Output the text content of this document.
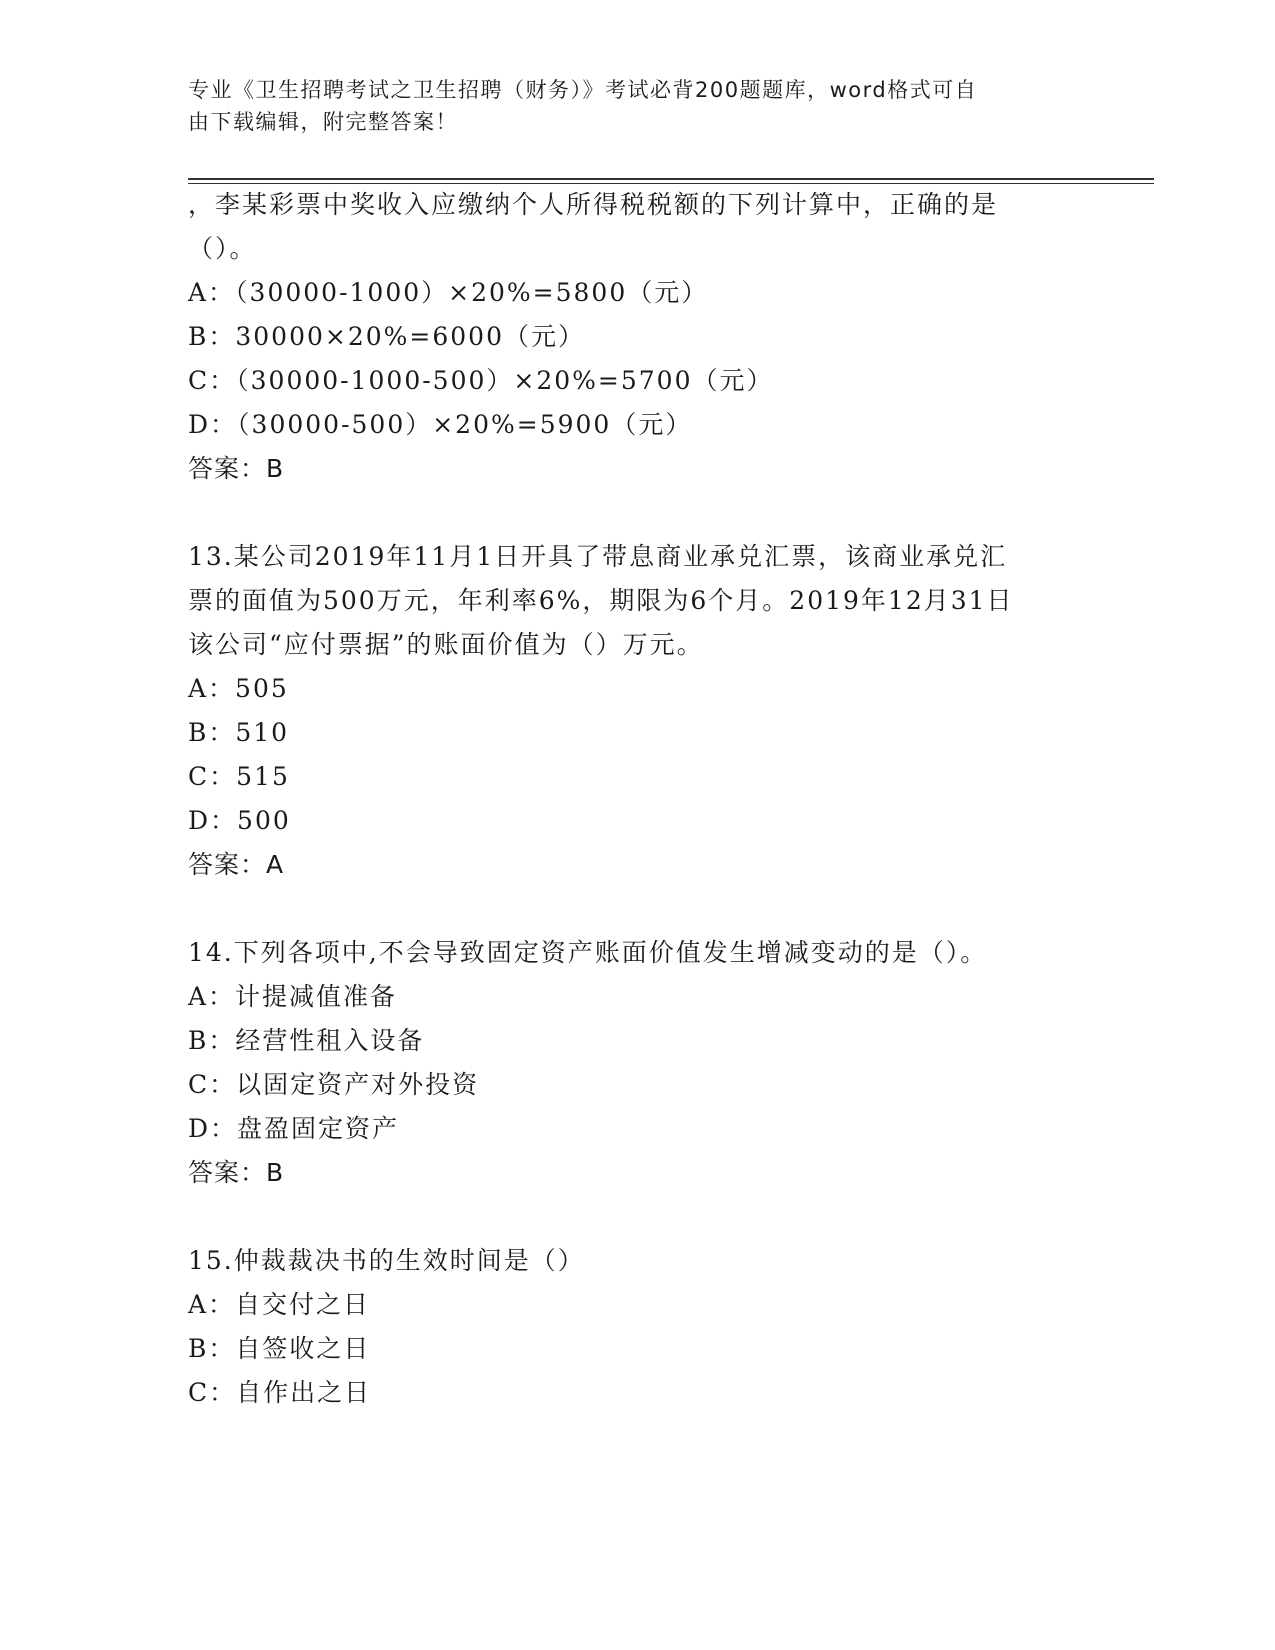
专业《卫生招聘考试之卫生招聘（财务）》考试必背200题题库，word格式可自
由下载编辑，附完整答案！
，李某彩票中奖收入应缴纳个人所得税税额的下列计算中，正确的是
（）。
A：（30000-1000）×20%=5800（元）
B：30000×20%=6000（元）
C：（30000-1000-500）×20%=5700（元）
D：（30000-500）×20%=5900（元）
答案：B
13.某公司2019年11月1日开具了带息商业承兑汇票，该商业承兑汇
票的面值为500万元，年利率6%，期限为6个月。2019年12月31日
该公司“应付票据”的账面价值为（）万元。
A：505
B：510
C：515
D：500
答案：A
14.下列各项中,不会导致固定资产账面价值发生增减变动的是（）。
A：计提减值准备
B：经营性租入设备
C：以固定资产对外投资
D：盘盈固定资产
答案：B
15.仲裁裁决书的生效时间是（）
A：自交付之日
B：自签收之日
C：自作出之日
